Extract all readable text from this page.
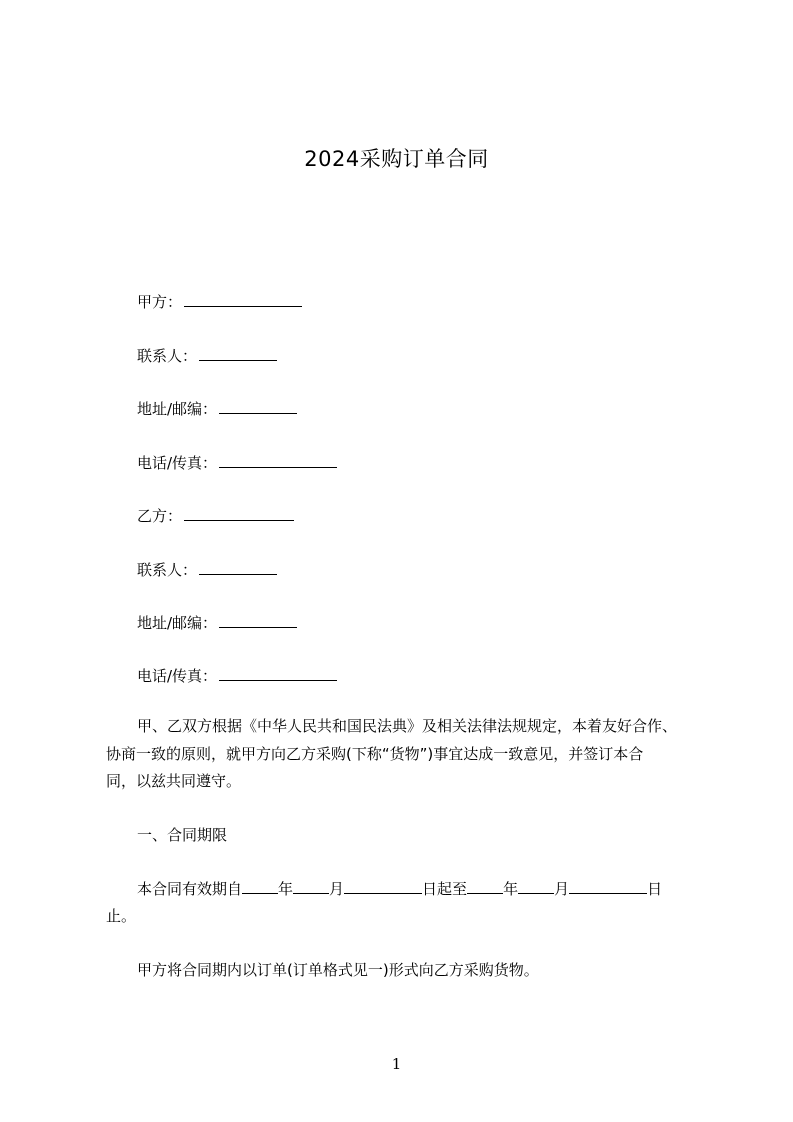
2024采购订单合同
甲方：
联系人：
地址/邮编：
电话/传真：
乙方：
联系人：
地址/邮编：
电话/传真：
甲、乙双方根据《中华人民共和国民法典》及相关法律法规规定，本着友好合作、
协商一致的原则，就甲方向乙方采购(下称“货物”)事宜达成一致意见，并签订本合
同，以兹共同遵守。
一、合同期限
本合同有效期自 年 月	日起至 年 月	日
止。
甲方将合同期内以订单(订单格式见一)形式向乙方采购货物。
1
